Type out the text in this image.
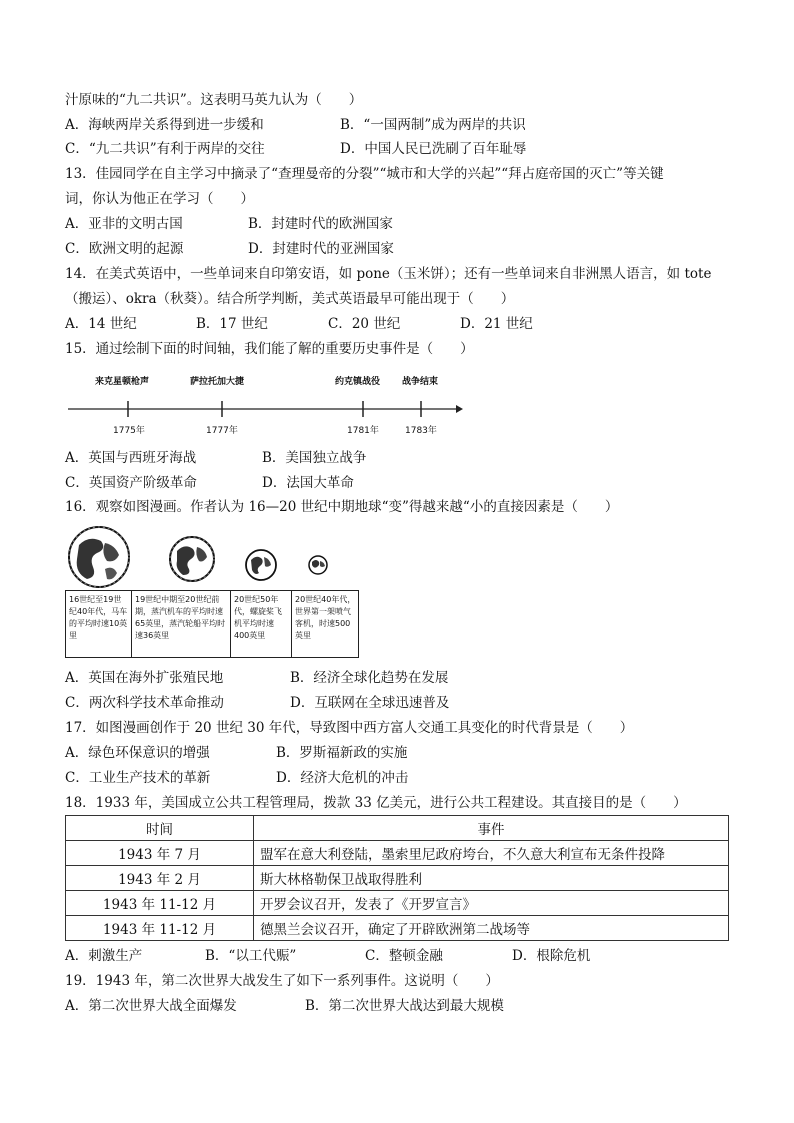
汁原味的“九二共识”。这表明马英九认为（　　）
A．海峡两岸关系得到进一步缓和	B．“一国两制”成为两岸的共识
C．“九二共识”有利于两岸的交往	D．中国人民已洗刷了百年耻辱
13．佳园同学在自主学习中摘录了“查理曼帝的分裂”“城市和大学的兴起”“拜占庭帝国的灭亡”等关键
词，你认为他正在学习（　　）
A．亚非的文明古国	B．封建时代的欧洲国家
C．欧洲文明的起源	D．封建时代的亚洲国家
14．在美式英语中，一些单词来自印第安语，如 pone（玉米饼）；还有一些单词来自非洲黑人语言，如 tote
（搬运）、okra（秋葵）。结合所学判断，美式英语最早可能出现于（　　）
A．14 世纪	B．17 世纪	C．20 世纪	D．21 世纪
15．通过绘制下面的时间轴，我们能了解的重要历史事件是（　　）
来克星顿枪声	萨拉托加大捷	约克镇战役 战争结束
1775年	1777年	1781年	1783年
A．英国与西班牙海战	B．美国独立战争
C．英国资产阶级革命	D．法国大革命
16．观察如图漫画。作者认为 16—20 世纪中期地球“变”得越来越“小的直接因素是（　　）
16世纪至19世纪40年代，马车的平均时速10英里
19世纪中期至20世纪前期，蒸汽机车的平均时速65英里，蒸汽轮船平均时速36英里
20世纪50年代，螺旋桨飞机平均时速400英里
20世纪40年代，世界第一架喷气客机，时速500英里
A．英国在海外扩张殖民地	B．经济全球化趋势在发展
C．两次科学技术革命推动	D．互联网在全球迅速普及
17．如图漫画创作于 20 世纪 30 年代，导致图中西方富人交通工具变化的时代背景是（　　）
A．绿色环保意识的增强	B．罗斯福新政的实施
C．工业生产技术的革新	D．经济大危机的冲击
18．1933 年，美国成立公共工程管理局，拨款 33 亿美元，进行公共工程建设。其直接目的是（　　）
时间	事件
1943 年 7 月	盟军在意大利登陆，墨索里尼政府垮台，不久意大利宣布无条件投降
1943 年 2 月	斯大林格勒保卫战取得胜利
1943 年 11-12 月	开罗会议召开，发表了《开罗宣言》
1943 年 11-12 月	德黑兰会议召开，确定了开辟欧洲第二战场等
A．刺激生产	B．“以工代赈”	C．整顿金融	D．根除危机
19．1943 年，第二次世界大战发生了如下一系列事件。这说明（　　）
A．第二次世界大战全面爆发	B．第二次世界大战达到最大规模
